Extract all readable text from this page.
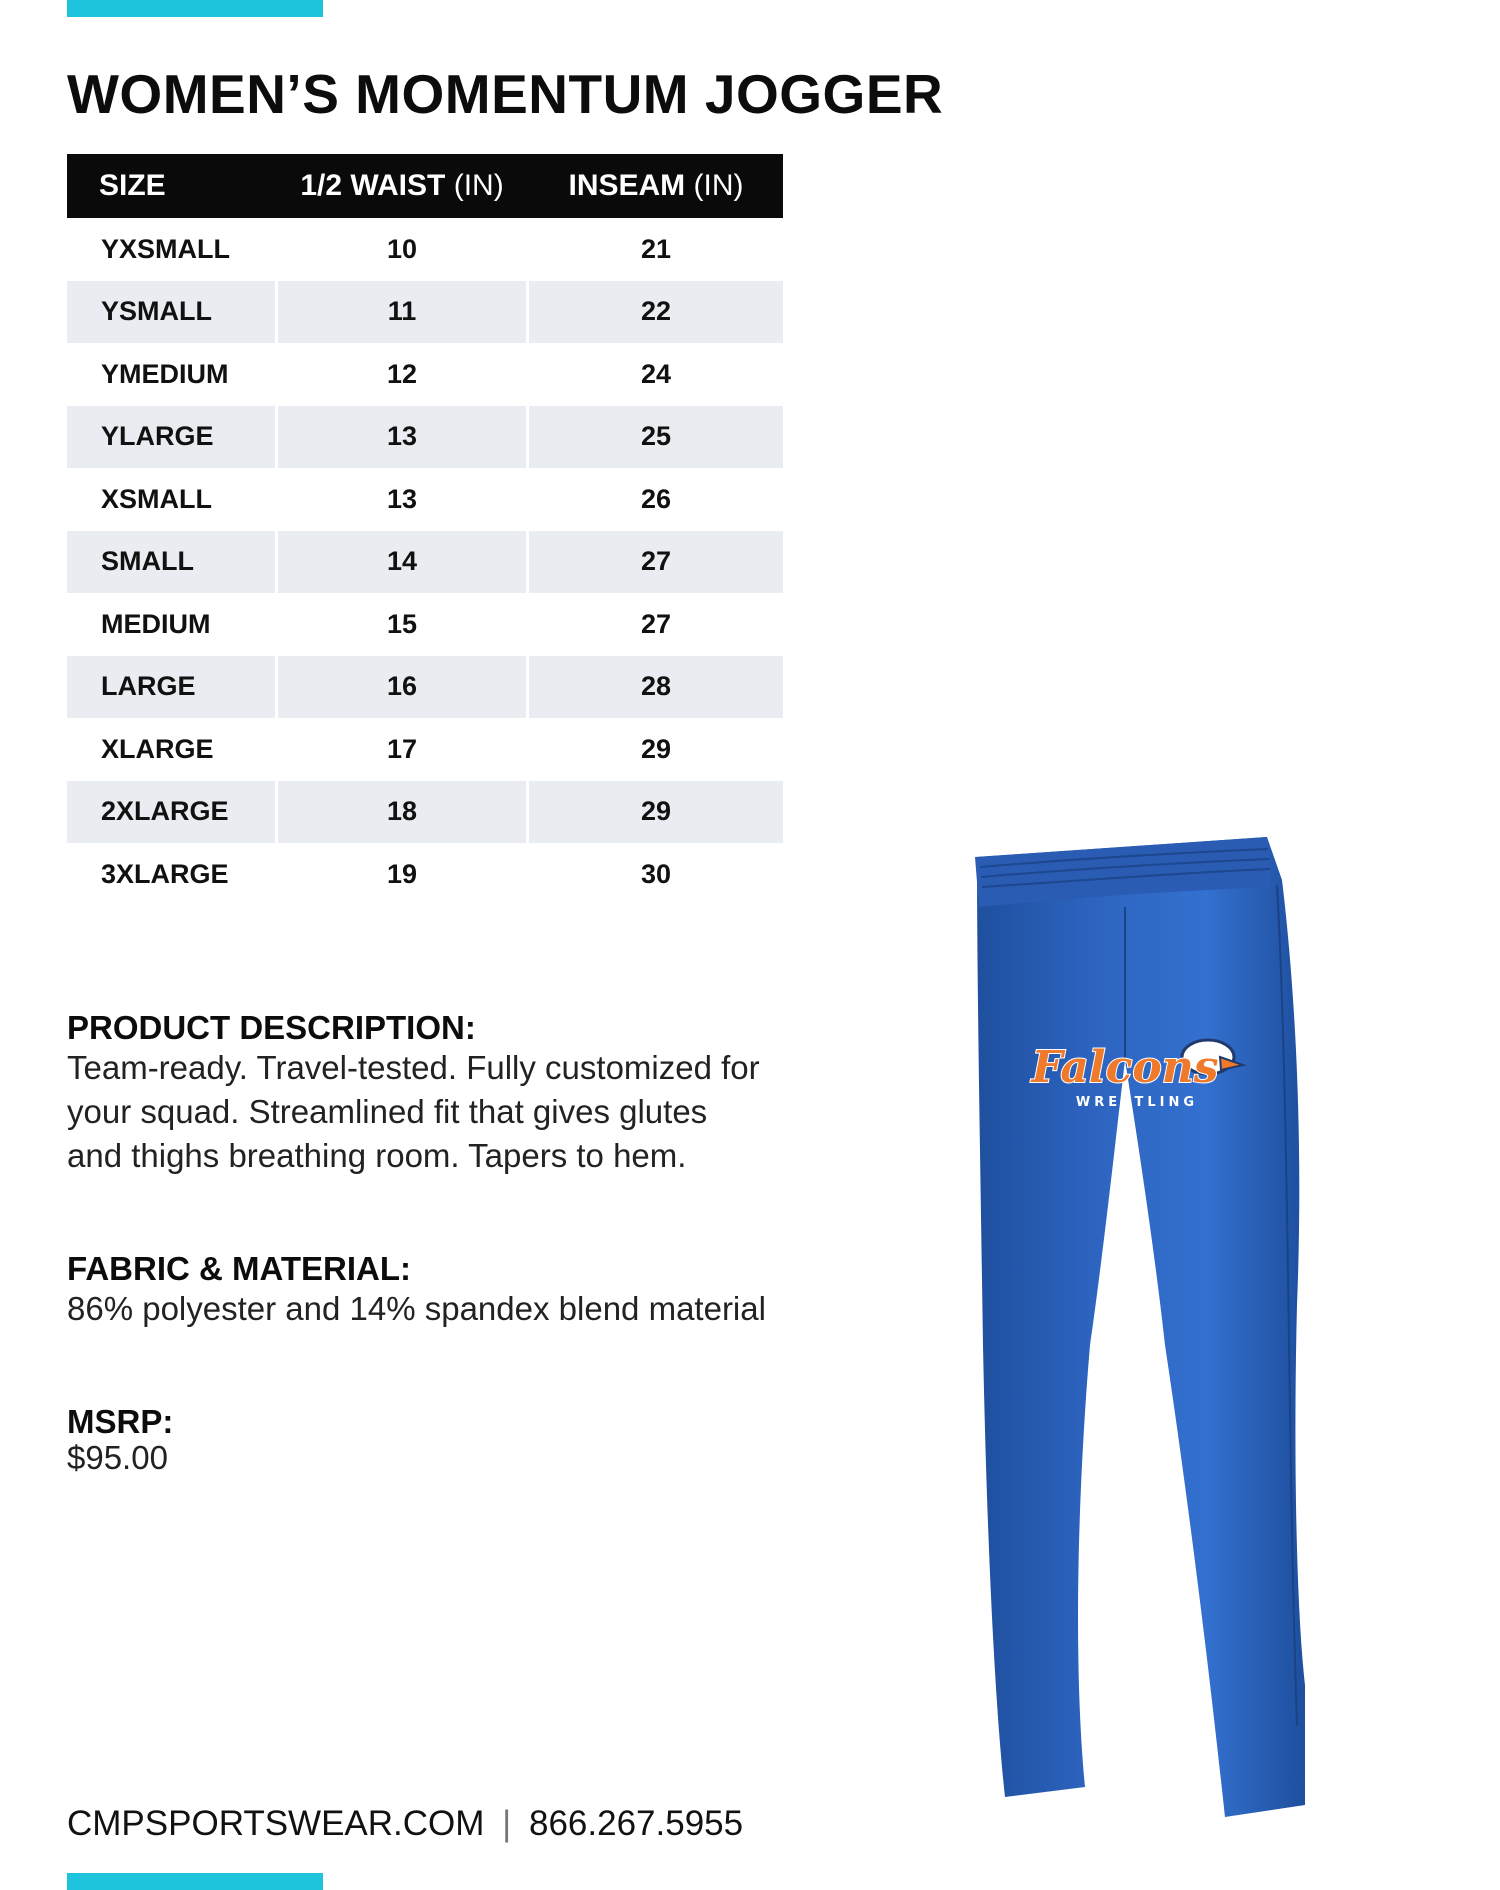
WOMEN’S MOMENTUM JOGGER
SIZE	1/2 WAIST (IN)	INSEAM (IN)
YXSMALL	10	21
YSMALL	11	22
YMEDIUM	12	24
YLARGE	13	25
XSMALL	13	26
SMALL	14	27
MEDIUM	15	27
LARGE	16	28
XLARGE	17	29
2XLARGE	18	29
3XLARGE	19	30
PRODUCT DESCRIPTION:

Team-ready. Travel-tested. Fully customized for your squad. Streamlined fit that gives glutes and thighs breathing room. Tapers to hem.

FABRIC & MATERIAL:

86% polyester and 14% spandex blend material

MSRP:

$95.00

Falcons
WRESTLING

CMPSPORTSWEAR.COM | 866.267.5955
